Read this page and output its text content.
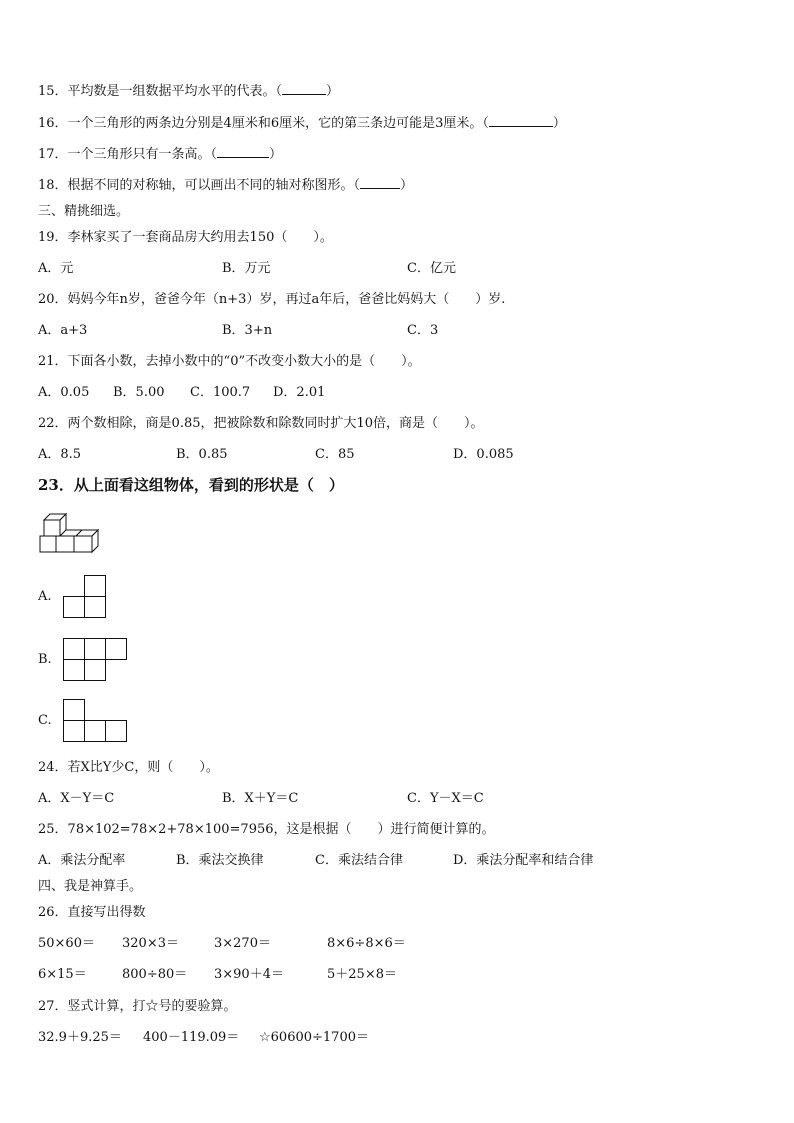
15．平均数是一组数据平均水平的代表。（	）
16．一个三角形的两条边分别是4厘米和6厘米，它的第三条边可能是3厘米。（	）
17．一个三角形只有一条高。（	）
18．根据不同的对称轴，可以画出不同的轴对称图形。（	）
三、精挑细选。
19．李林家买了一套商品房大约用去150（　　）。
A．元	B．万元	C．亿元
20．妈妈今年n岁，爸爸今年（n+3）岁，再过a年后，爸爸比妈妈大（　　）岁.
A．a+3	B．3+n	C．3
21．下面各小数，去掉小数中的“0”不改变小数大小的是（　　）。
A．0.05 B．5.00 C．100.7 D．2.01
22．两个数相除，商是0.85，把被除数和除数同时扩大10倍，商是（　　）。
A．8.5	B．0.85	C．85	D．0.085
23．从上面看这组物体，看到的形状是（　）
A.
B.
C.
24．若X比Y少C，则（　　）。
A．X－Y＝C	B．X＋Y＝C	C．Y－X＝C
25．78×102=78×2+78×100=7956，这是根据（　　）进行简便计算的。
A．乘法分配率	B．乘法交换律	C．乘法结合律	D．乘法分配率和结合律
四、我是神算手。
26．直接写出得数
50×60＝ 320×3＝	3×270＝	8×6÷8×6＝
6×15＝	800÷80＝ 3×90＋4＝	5＋25×8＝
27．竖式计算，打☆号的要验算。
32.9＋9.25＝ 400－119.09＝ ☆60600÷1700＝
